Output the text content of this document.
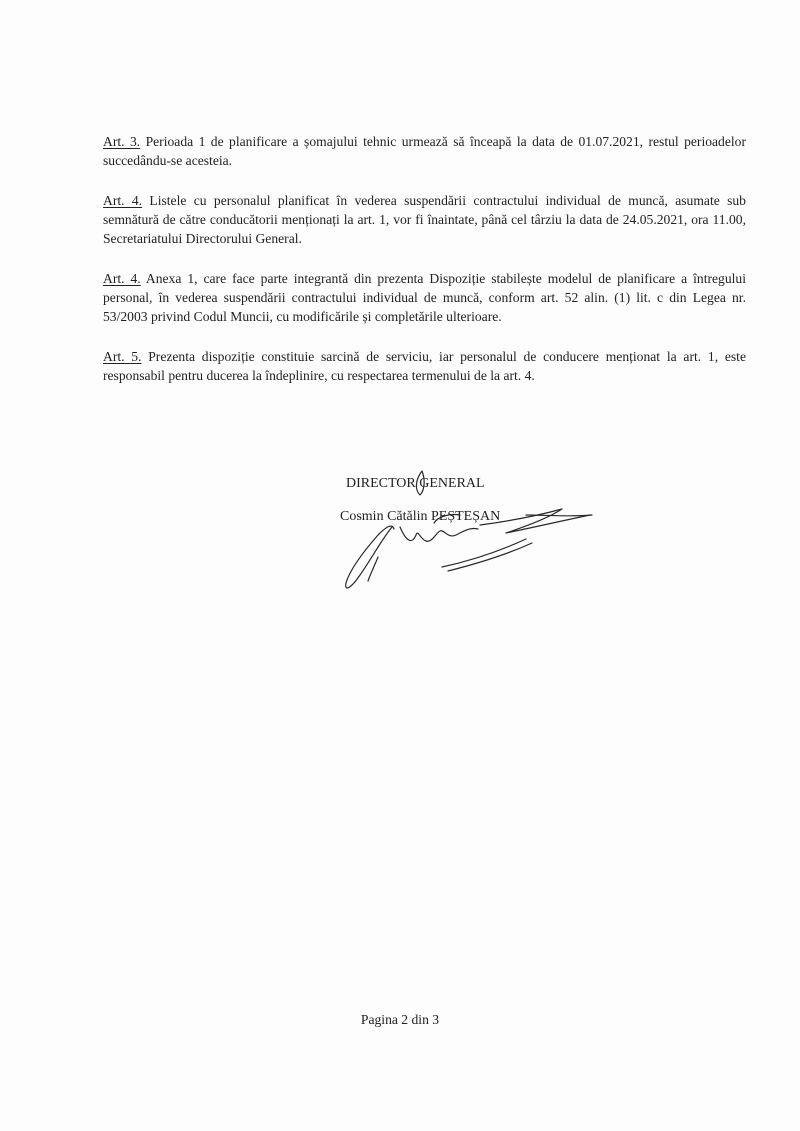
Art. 3. Perioada 1 de planificare a șomajului tehnic urmează să înceapă la data de 01.07.2021, restul perioadelor succedându-se acesteia.

Art. 4. Listele cu personalul planificat în vederea suspendării contractului individual de muncă, asumate sub semnătură de către conducătorii menționați la art. 1, vor fi înaintate, până cel târziu la data de 24.05.2021, ora 11.00, Secretariatului Directorului General.

Art. 4. Anexa 1, care face parte integrantă din prezenta Dispoziție stabilește modelul de planificare a întregului personal, în vederea suspendării contractului individual de muncă, conform art. 52 alin. (1) lit. c din Legea nr. 53/2003 privind Codul Muncii, cu modificările și completările ulterioare.

Art. 5. Prezenta dispoziție constituie sarcină de serviciu, iar personalul de conducere menționat la art. 1, este responsabil pentru ducerea la îndeplinire, cu respectarea termenului de la art. 4.

DIRECTOR GENERAL
Cosmin Cătălin PEȘTEȘAN
Pagina 2 din 3
